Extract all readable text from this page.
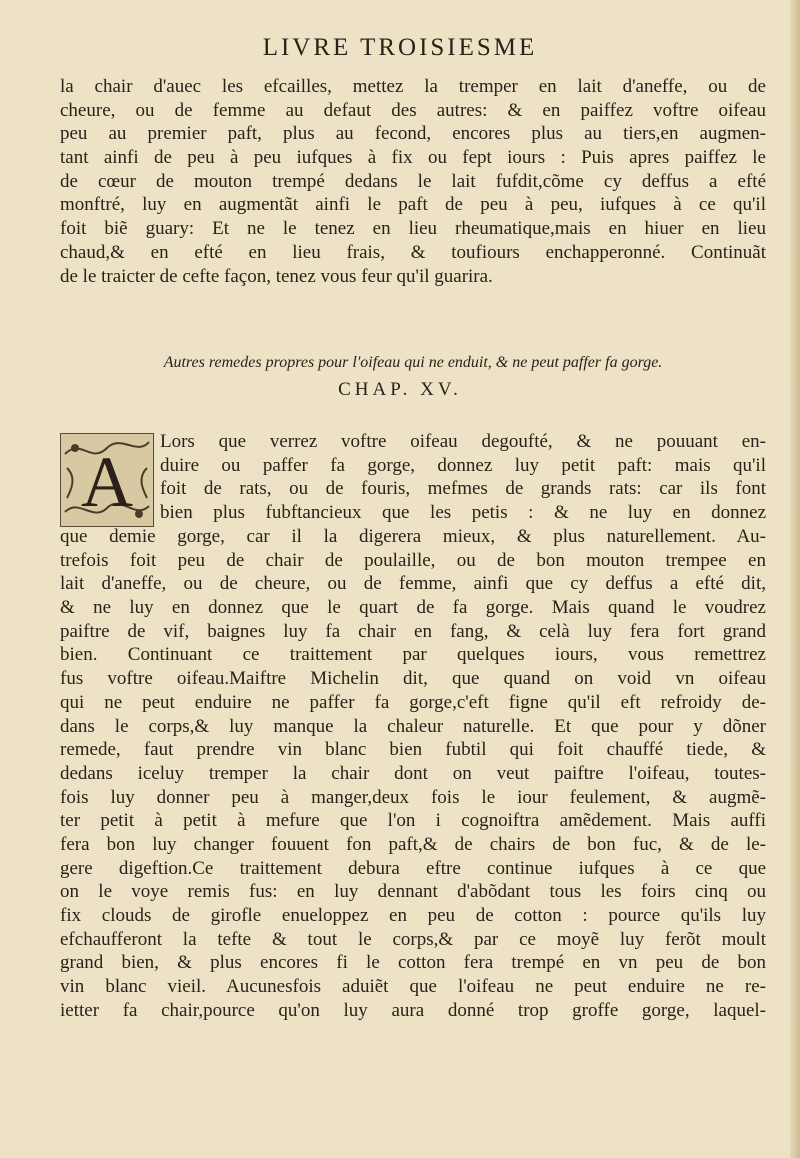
LIVRE TROISIESME
la chair d'auec les efcailles, mettez la tremper en lait d'aneffe, ou de
cheure, ou de femme au defaut des autres: & en paiffez voftre oifeau
peu au premier paft, plus au fecond, encores plus au tiers,en augmen-
tant ainfi de peu à peu iufques à fix ou fept iours : Puis apres paiffez le
de cœur de mouton trempé dedans le lait fufdit,cõme cy deffus a efté
monftré, luy en augmentãt ainfi le paft de peu à peu, iufques à ce qu'il
foit biẽ guary: Et ne le tenez en lieu rheumatique,mais en hiuer en lieu
chaud,& en efté en lieu frais, & toufiours enchapperonné. Continuãt
de le traicter de cefte façon, tenez vous feur qu'il guarira.
Autres remedes propres pour l'oifeau qui ne enduit, & ne peut paffer fa gorge.
CHAP. XV.
A
Lors que verrez voftre oifeau degoufté, & ne pouuant en-
duire ou paffer fa gorge, donnez luy petit paft: mais qu'il
foit de rats, ou de fouris, mefmes de grands rats: car ils font
bien plus fubftancieux que les petis : & ne luy en donnez
que demie gorge, car il la digerera mieux, & plus naturellement. Au-
trefois foit peu de chair de poulaille, ou de bon mouton trempee en
lait d'aneffe, ou de cheure, ou de femme, ainfi que cy deffus a efté dit,
& ne luy en donnez que le quart de fa gorge. Mais quand le voudrez
paiftre de vif, baignes luy fa chair en fang, & celà luy fera fort grand
bien. Continuant ce traittement par quelques iours, vous remettrez
fus voftre oifeau.Maiftre Michelin dit, que quand on void vn oifeau
qui ne peut enduire ne paffer fa gorge,c'eft figne qu'il eft refroidy de-
dans le corps,& luy manque la chaleur naturelle. Et que pour y dõner
remede, faut prendre vin blanc bien fubtil qui foit chauffé tiede, &
dedans iceluy tremper la chair dont on veut paiftre l'oifeau, toutes-
fois luy donner peu à manger,deux fois le iour feulement, & augmẽ-
ter petit à petit à mefure que l'on i cognoiftra amẽdement. Mais auffi
fera bon luy changer fouuent fon paft,& de chairs de bon fuc, & de le-
gere digeftion.Ce traittement debura eftre continue iufques à ce que
on le voye remis fus: en luy dennant d'abõdant tous les foirs cinq ou
fix clouds de girofle enueloppez en peu de cotton : pource qu'ils luy
efchaufferont la tefte & tout le corps,& par ce moyẽ luy ferõt moult
grand bien, & plus encores fi le cotton fera trempé en vn peu de bon
vin blanc vieil. Aucunesfois aduiẽt que l'oifeau ne peut enduire ne re-
ietter fa chair,pource qu'on luy aura donné trop groffe gorge, laquel-
